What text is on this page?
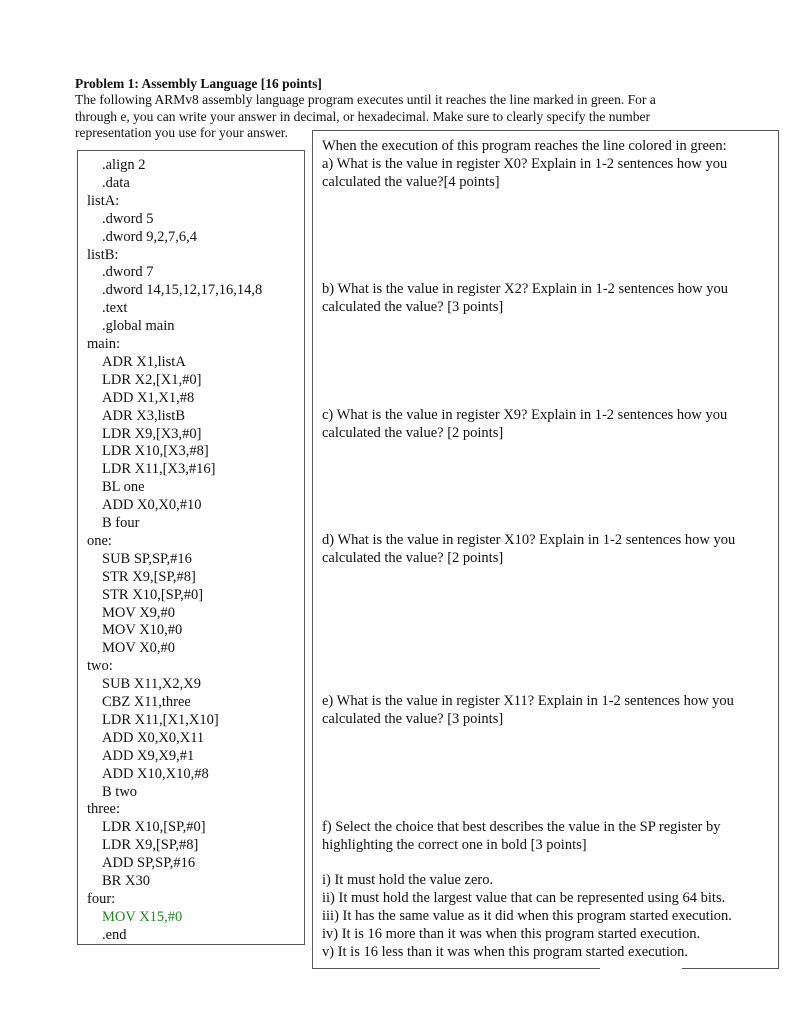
Problem 1: Assembly Language [16 points]
The following ARMv8 assembly language program executes until it reaches the line marked in green. For a
through e, you can write your answer in decimal, or hexadecimal. Make sure to clearly specify the number
representation you use for your answer.
.align 2
.data
listA:
.dword 5
.dword 9,2,7,6,4
listB:
.dword 7
.dword 14,15,12,17,16,14,8
.text
.global main
main:
ADR X1,listA
LDR X2,[X1,#0]
ADD X1,X1,#8
ADR X3,listB
LDR X9,[X3,#0]
LDR X10,[X3,#8]
LDR X11,[X3,#16]
BL one
ADD X0,X0,#10
B four
one:
SUB SP,SP,#16
STR X9,[SP,#8]
STR X10,[SP,#0]
MOV X9,#0
MOV X10,#0
MOV X0,#0
two:
SUB X11,X2,X9
CBZ X11,three
LDR X11,[X1,X10]
ADD X0,X0,X11
ADD X9,X9,#1
ADD X10,X10,#8
B two
three:
LDR X10,[SP,#0]
LDR X9,[SP,#8]
ADD SP,SP,#16
BR X30
four:
MOV X15,#0
.end
When the execution of this program reaches the line colored in green:
a) What is the value in register X0? Explain in 1-2 sentences how you
calculated the value?[4 points]
b) What is the value in register X2? Explain in 1-2 sentences how you
calculated the value? [3 points]
c) What is the value in register X9? Explain in 1-2 sentences how you
calculated the value? [2 points]
d) What is the value in register X10? Explain in 1-2 sentences how you
calculated the value? [2 points]
e) What is the value in register X11? Explain in 1-2 sentences how you
calculated the value? [3 points]
f) Select the choice that best describes the value in the SP register by
highlighting the correct one in bold [3 points]
i) It must hold the value zero.
ii) It must hold the largest value that can be represented using 64 bits.
iii) It has the same value as it did when this program started execution.
iv) It is 16 more than it was when this program started execution.
v) It is 16 less than it was when this program started execution.
